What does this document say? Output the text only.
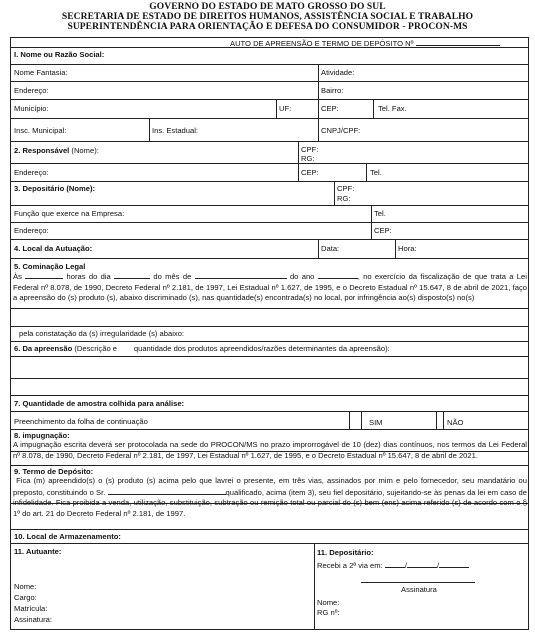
GOVERNO DO ESTADO DE MATO GROSSO DO SUL
SECRETARIA DE ESTADO DE DIREITOS HUMANOS, ASSISTÊNCIA SOCIAL E TRABALHO
SUPERINTENDÊNCIA PARA ORIENTAÇÃO E DEFESA DO CONSUMIDOR - PROCON-MS
AUTO DE APREENSÃO E TERMO DE DEPÓSITO Nº
I. Nome ou Razão Social:
Nome Fantasia:	Atividade:
Endereço:	Bairro:
Município:	UF:	CEP:	Tel. Fax.
Insc. Municipal:	Ins. Estadual:	CNPJ/CPF:
2. Responsável (Nome):	CPF:
RG:
Endereço:	CEP:	Tel.
3. Depositário (Nome):	CPF:
RG:
Função que exerce na Empresa:	Tel.
Endereço:	CEP:
4. Local da Autuação:	Data:	Hora:
5. Cominação Legal
Às	horas do dia	do mês de	do ano	, no exercício da fiscalização de que trata a Lei Federal nº 8.078, de 1990, Decreto Federal nº 2.181, de 1997, Lei Estadual nº 1.627, de 1995, e o Decreto Estadual nº 15.647, 8 de abril de 2021, faço a apreensão do (s) produto (s), abaixo discriminado (s), nas quantidade(s) encontrada(s) no local, por infringência ao(s) disposto(s) no(s)
pela constatação da (s) irregularidade (s) abaixo:
6. Da apreensão (Descrição e quantidade dos produtos apreendidos/razões determinantes da apreensão):
7. Quantidade de amostra colhida para análise:
Preenchimento da folha de continuação	SIM	NÃO
8. impugnação:
A impugnação escrita deverá ser protocolada na sede do PROCON/MS no prazo improrrogável de 10 (dez) dias contínuos, nos termos da Lei Federal nº 8.078, de 1990, Decreto Federal nº 2.181, de 1997, Lei Estadual nº 1.627, de 1995, e o Decreto Estadual nº 15.647, 8 de abril de 2021.
9. Termo de Depósito:
Fica (m) apreendido(s) o (s) produto (s) acima pelo que lavrei o presente, em três vias, assinados por mim e pelo fornecedor, seu mandatário ou preposto, constituindo o Sr.	qualificado, acima (item 3), seu fiel depositário, sujeitando-se às penas da lei em caso de infidelidade. Fica proibida a venda, utilização, substituição, subtração ou remição total ou parcial do (s) bem (ens) acima referido (s) de acordo com o § 1º do art. 21 do Decreto Federal nº 2.181, de 1997.
10. Local de Armazenamento:
11. Autuante:
Nome:
Cargo:
Matrícula:
Assinatura:
11. Depositário:
Recebi a 2ª via em:	/	/
Assinatura
Nome:
RG nº:
